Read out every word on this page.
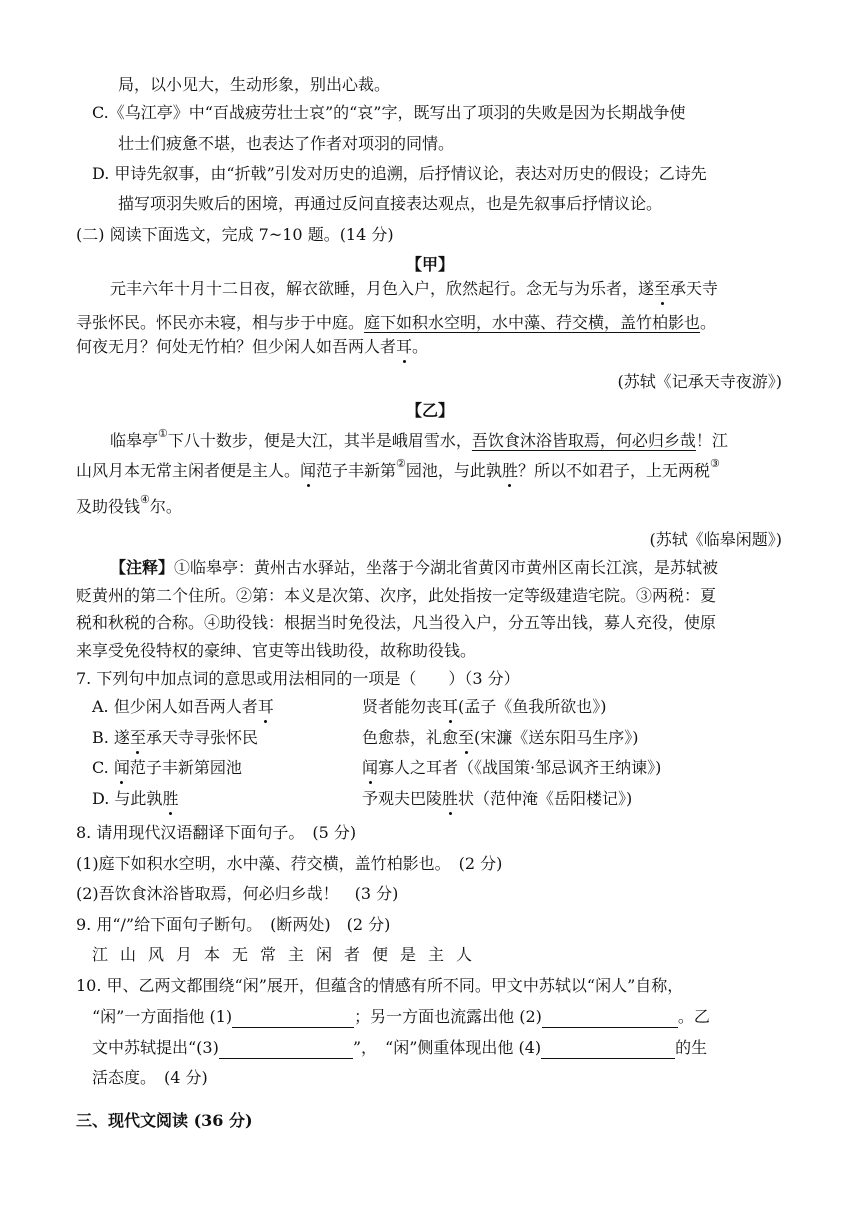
局，以小见大，生动形象，别出心裁。
C.《乌江亭》中“百战疲劳壮士哀”的“哀”字，既写出了项羽的失败是因为长期战争使
壮士们疲惫不堪，也表达了作者对项羽的同情。
D. 甲诗先叙事，由“折戟”引发对历史的追溯，后抒情议论，表达对历史的假设；乙诗先
描写项羽失败后的困境，再通过反问直接表达观点，也是先叙事后抒情议论。
(二) 阅读下面选文，完成 7~10 题。(14 分)
【甲】
元丰六年十月十二日夜，解衣欲睡，月色入户，欣然起行。念无与为乐者，遂至承天寺
寻张怀民。怀民亦未寝，相与步于中庭。庭下如积水空明，水中藻、荇交横，盖竹柏影也。
何夜无月？何处无竹柏？但少闲人如吾两人者耳。
(苏轼《记承天寺夜游》)
【乙】
临皋亭①下八十数步，便是大江，其半是峨眉雪水，吾饮食沐浴皆取焉，何必归乡哉！江
山风月本无常主闲者便是主人。闻范子丰新第②园池，与此孰胜？所以不如君子，上无两税③
及助役钱④尔。
(苏轼《临皋闲题》)
【注释】①临皋亭：黄州古水驿站，坐落于今湖北省黄冈市黄州区南长江滨，是苏轼被
贬黄州的第二个住所。②第：本义是次第、次序，此处指按一定等级建造宅院。③两税：夏
税和秋税的合称。④助役钱：根据当时免役法，凡当役入户，分五等出钱，募人充役，使原
来享受免役特权的豪绅、官吏等出钱助役，故称助役钱。
7. 下列句中加点词的意思或用法相同的一项是（　　）（3 分）
A. 但少闲人如吾两人者耳	贤者能勿丧耳(孟子《鱼我所欲也》)
B. 遂至承天寺寻张怀民	色愈恭，礼愈至(宋濂《送东阳马生序》)
C. 闻范子丰新第园池	闻寡人之耳者（《战国策·邹忌讽齐王纳谏》)
D. 与此孰胜	予观夫巴陵胜状（范仲淹《岳阳楼记》)
8. 请用现代汉语翻译下面句子。　(5 分)
(1)庭下如积水空明，水中藻、荇交横，盖竹柏影也。　(2 分)
(2)吾饮食沐浴皆取焉，何必归乡哉！　(3 分)
9. 用“/”给下面句子断句。　(断两处)　(2 分)
江山风月本无常主闲者便是主人
10. 甲、乙两文都围绕“闲”展开，但蕴含的情感有所不同。甲文中苏轼以“闲人”自称，
“闲”一方面指他 (1)	；另一方面也流露出他 (2)	。乙
文中苏轼提出“(3)	”，　“闲”侧重体现出他 (4)	的生
活态度。　(4 分)
三、现代文阅读 (36 分)
